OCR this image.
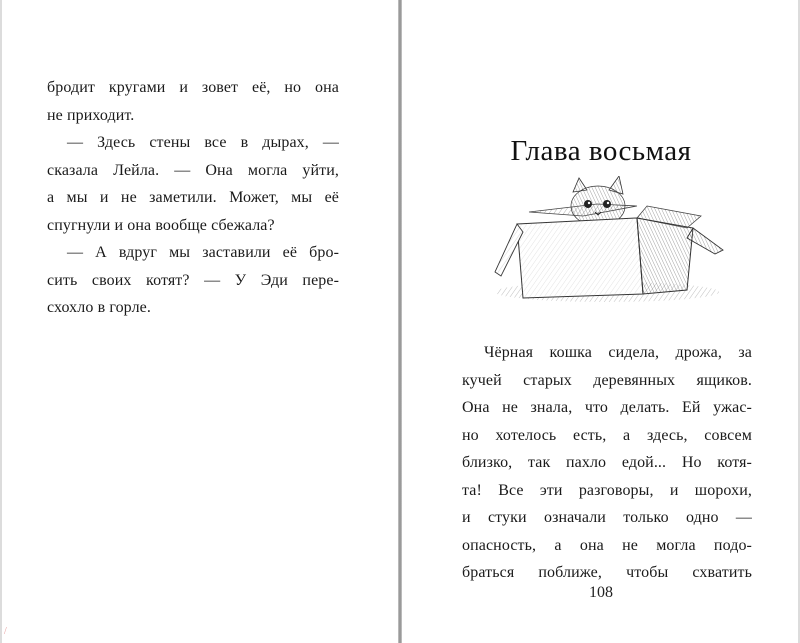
бродит кругами и зовет её, но она
не приходит.
— Здесь стены все в дырах, —
сказала Лейла. — Она могла уйти,
а мы и не заметили. Может, мы её
спугнули и она вообще сбежала?
— А вдруг мы заставили её бро-
сить своих котят? — У Эди пере-
схохло в горле.
Глава восьмая
Чёрная кошка сидела, дрожа, за
кучей старых деревянных ящиков.
Она не знала, что делать. Ей ужас-
но хотелось есть, а здесь, совсем
близко, так пахло едой... Но котя-
та! Все эти разговоры, и шорохи,
и стуки означали только одно —
опасность, а она не могла подо-
браться поближе, чтобы схватить
108
/
